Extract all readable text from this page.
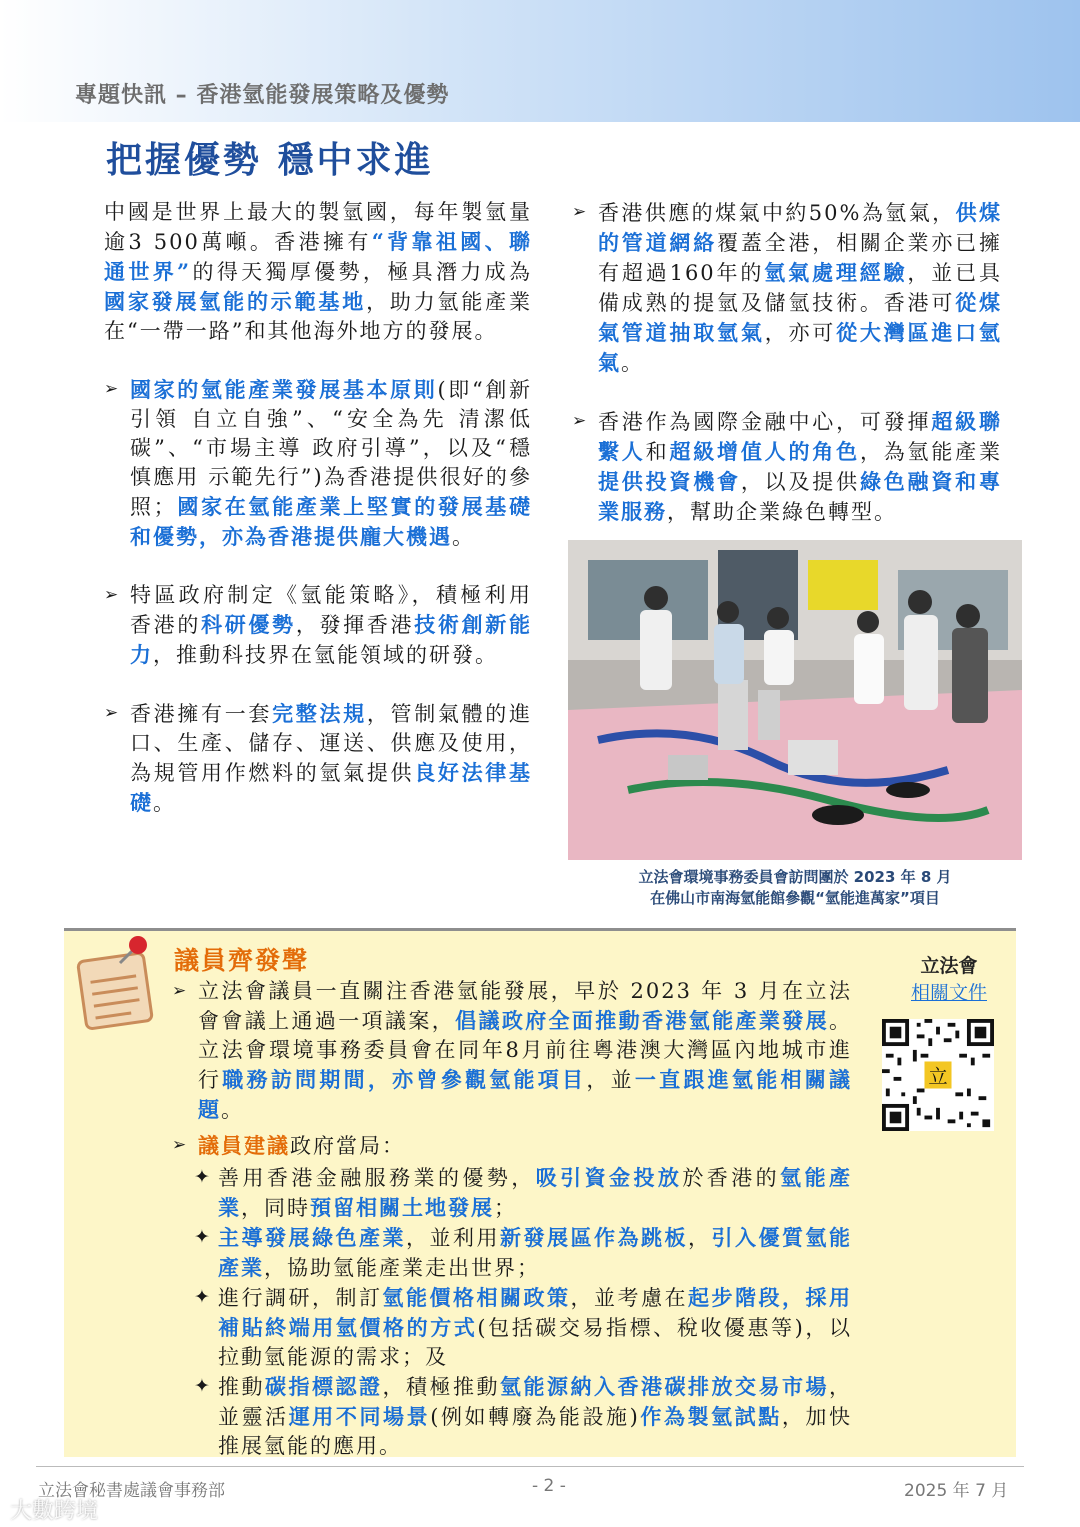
專題快訊 – 香港氫能發展策略及優勢
把握優勢 穩中求進

中國是世界上最大的製氫國，每年製氫量逾3 500萬噸。香港擁有“背靠祖國、聯通世界”的得天獨厚優勢，極具潛力成為國家發展氫能的示範基地，助力氫能產業在“一帶一路”和其他海外地方的發展。

➢ 國家的氫能產業發展基本原則(即“創新引領 自立自強”、“安全為先 清潔低碳”、“市場主導 政府引導”，以及“穩慎應用 示範先行”)為香港提供很好的參照；國家在氫能產業上堅實的發展基礎和優勢，亦為香港提供龐大機遇。

➢ 特區政府制定《氫能策略》，積極利用香港的科研優勢，發揮香港技術創新能力，推動科技界在氫能領域的研發。

➢ 香港擁有一套完整法規，管制氣體的進口、生產、儲存、運送、供應及使用，為規管用作燃料的氫氣提供良好法律基礎。

➢ 香港供應的煤氣中約50%為氫氣，供煤的管道網絡覆蓋全港，相關企業亦已擁有超過160年的氫氣處理經驗，並已具備成熟的提氫及儲氫技術。香港可從煤氣管道抽取氫氣，亦可從大灣區進口氫氣。

➢ 香港作為國際金融中心，可發揮超級聯繫人和超級增值人的角色，為氫能產業提供投資機會，以及提供綠色融資和專業服務，幫助企業綠色轉型。

立法會環境事務委員會訪問團於 2023 年 8 月
在佛山市南海氫能館參觀“氫能進萬家”項目
議員齊發聲
➢ 立法會議員一直關注香港氫能發展，早於 2023 年 3 月在立法會會議上通過一項議案，倡議政府全面推動香港氫能產業發展。立法會環境事務委員會在同年8月前往粵港澳大灣區內地城市進行職務訪問期間，亦曾參觀氫能項目，並一直跟進氫能相關議題。

➢ 議員建議政府當局：

✦ 善用香港金融服務業的優勢，吸引資金投放於香港的氫能產業，同時預留相關土地發展；

✦ 主導發展綠色產業，並利用新發展區作為跳板，引入優質氫能產業，協助氫能產業走出世界；

✦ 進行調研，制訂氫能價格相關政策，並考慮在起步階段，採用補貼終端用氫價格的方式(包括碳交易指標、稅收優惠等)，以拉動氫能源的需求；及

✦ 推動碳指標認證，積極推動氫能源納入香港碳排放交易市場，並靈活運用不同場景(例如轉廢為能設施)作為製氫試點，加快推展氫能的應用。

立法會
相關文件
立
立法會秘書處議會事務部	- 2 -	2025 年 7 月
大數跨境
